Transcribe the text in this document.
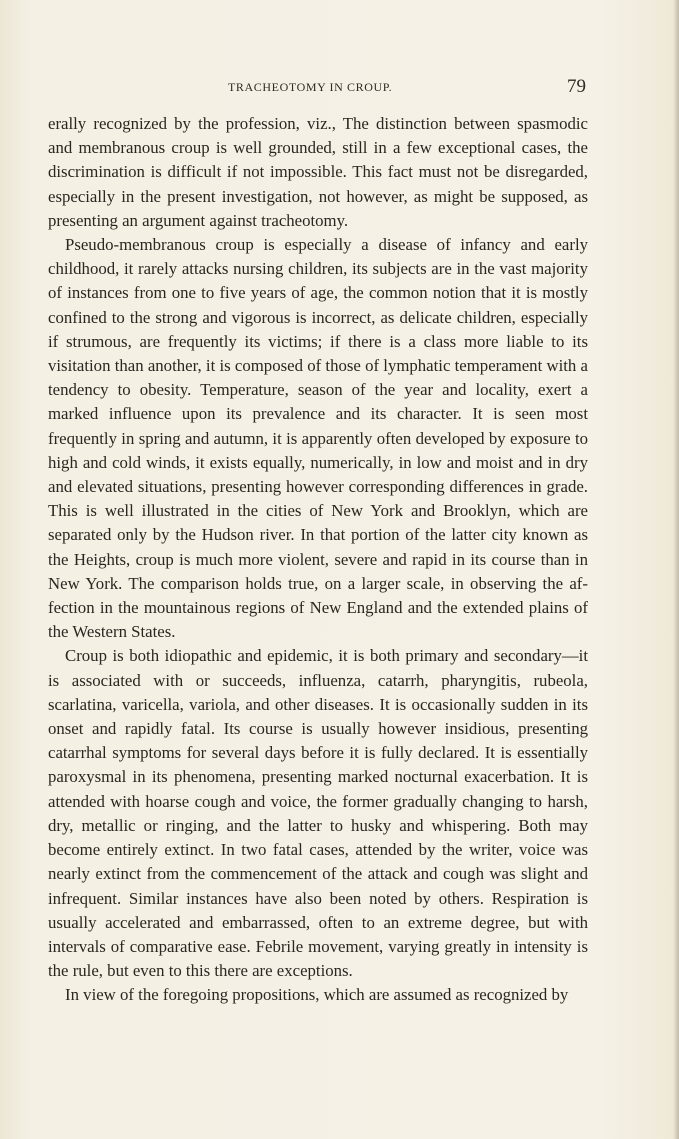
TRACHEOTOMY IN CROUP.	79

erally recognized by the profession, viz., The distinction between spasmodic and membranous croup is well grounded, still in a few exceptional cases, the discrimination is difficult if not impossible. This fact must not be disregarded, especially in the present investigation, not however, as might be supposed, as presenting an argument against tracheotomy.

Pseudo-membranous croup is especially a disease of infancy and early childhood, it rarely attacks nursing children, its subjects are in the vast majority of instances from one to five years of age, the common notion that it is mostly confined to the strong and vigorous is incorrect, as delicate children, especially if strumous, are frequently its victims; if there is a class more liable to its visitation than another, it is composed of those of lymphatic temperament with a tendency to obesity. Temperature, season of the year and locality, exert a marked influence upon its prevalence and its character. It is seen most frequently in spring and autumn, it is apparently often developed by exposure to high and cold winds, it exists equally, numerically, in low and moist and in dry and elevated situations, presenting however corresponding differences in grade. This is well illustrated in the cities of New York and Brooklyn, which are separated only by the Hudson river. In that portion of the latter city known as the Heights, croup is much more violent, severe and rapid in its course than in New York. The comparison holds true, on a larger scale, in observing the affection in the mountainous regions of New England and the extended plains of the Western States.

Croup is both idiopathic and epidemic, it is both primary and secondary—it is associated with or succeeds, influenza, catarrh, pharyngitis, rubeola, scarlatina, varicella, variola, and other diseases. It is occasionally sudden in its onset and rapidly fatal. Its course is usually however insidious, presenting catarrhal symptoms for several days before it is fully declared. It is essentially paroxysmal in its phenomena, presenting marked nocturnal exacerbation. It is attended with hoarse cough and voice, the former gradually changing to harsh, dry, metallic or ringing, and the latter to husky and whispering. Both may become entirely extinct. In two fatal cases, attended by the writer, voice was nearly extinct from the commencement of the attack and cough was slight and infrequent. Similar instances have also been noted by others. Respiration is usually accelerated and embarrassed, often to an extreme degree, but with intervals of comparative ease. Febrile movement, varying greatly in intensity is the rule, but even to this there are exceptions.

In view of the foregoing propositions, which are assumed as recognized by
